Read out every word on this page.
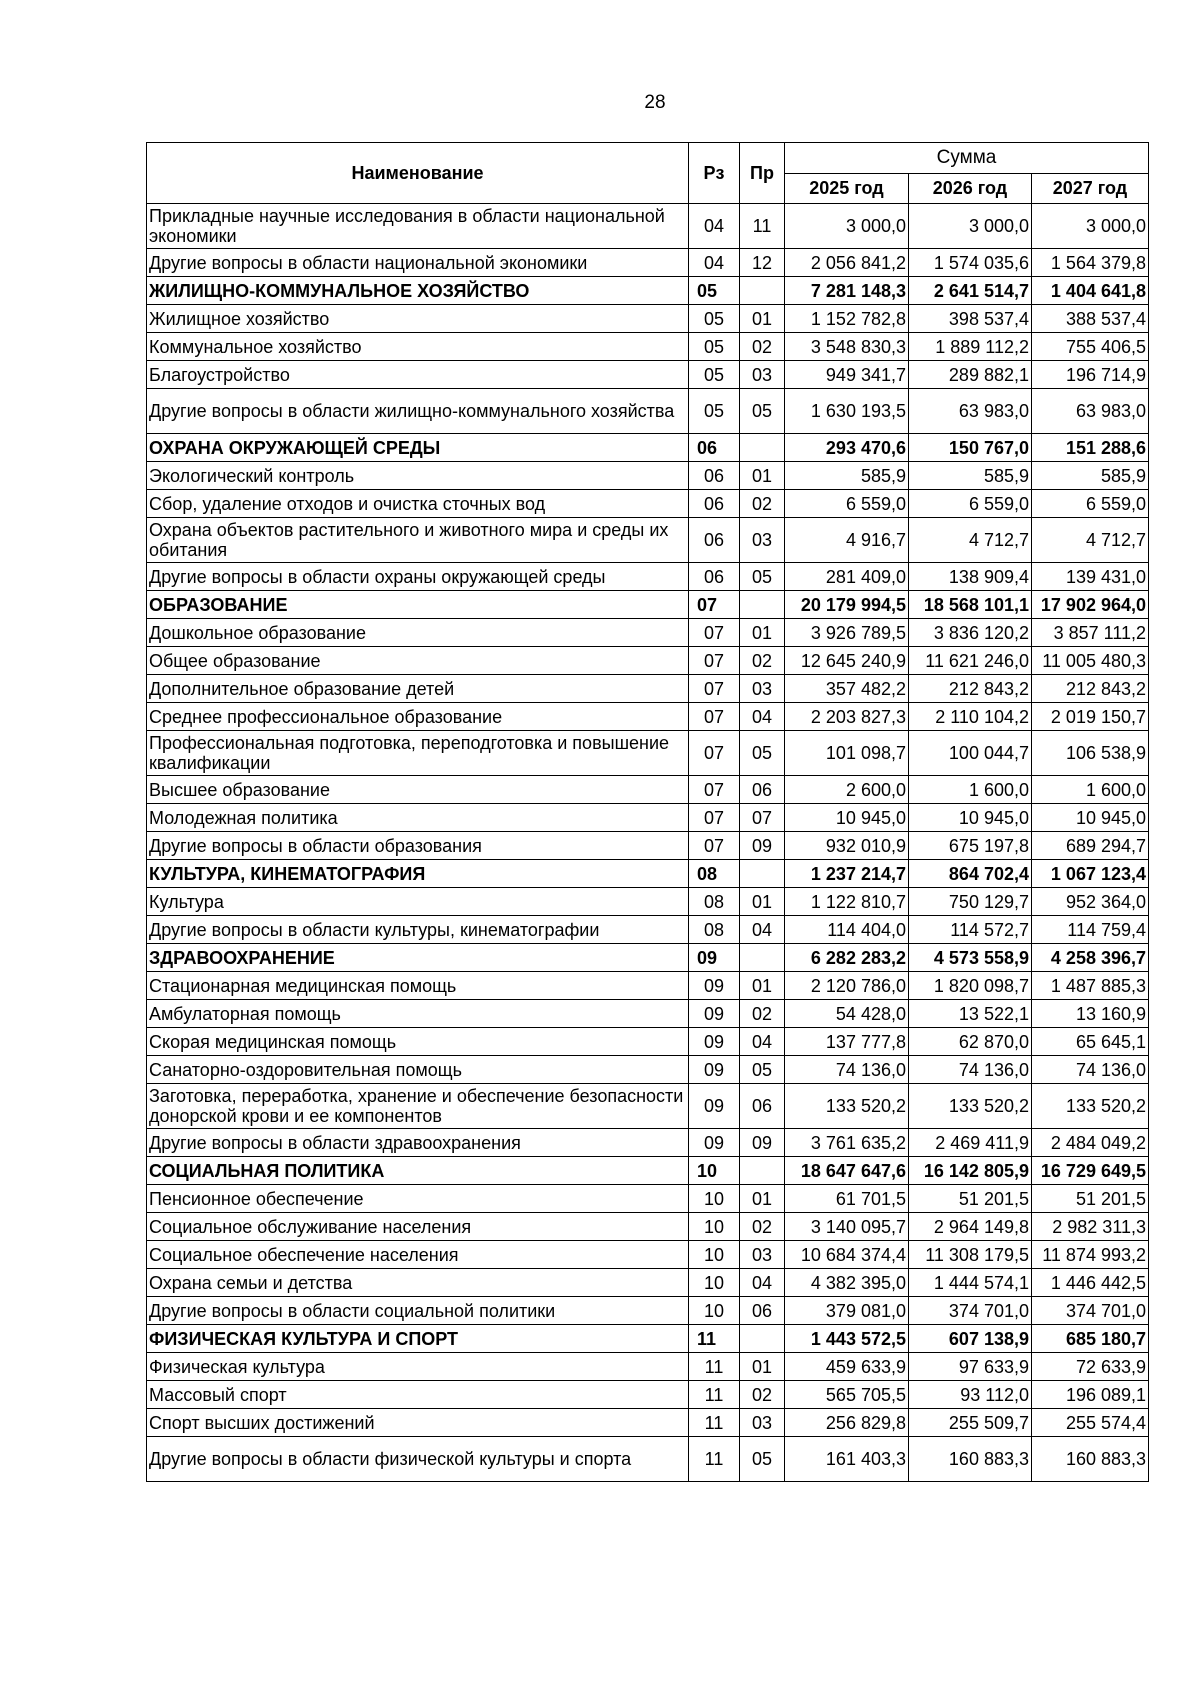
28
Наименование	Рз	Пр	Сумма		
			2025 год	2026 год	2027 год
Прикладные научные исследования в области национальной экономики	04	11	3 000,0	3 000,0	3 000,0
Другие вопросы в области национальной экономики	04	12	2 056 841,2	1 574 035,6	1 564 379,8
ЖИЛИЩНО-КОММУНАЛЬНОЕ ХОЗЯЙСТВО	05		7 281 148,3	2 641 514,7	1 404 641,8
Жилищное хозяйство	05	01	1 152 782,8	398 537,4	388 537,4
Коммунальное хозяйство	05	02	3 548 830,3	1 889 112,2	755 406,5
Благоустройство	05	03	949 341,7	289 882,1	196 714,9
Другие вопросы в области жилищно-коммунального хозяйства	05	05	1 630 193,5	63 983,0	63 983,0
ОХРАНА ОКРУЖАЮЩЕЙ СРЕДЫ	06		293 470,6	150 767,0	151 288,6
Экологический контроль	06	01	585,9	585,9	585,9
Сбор, удаление отходов и очистка сточных вод	06	02	6 559,0	6 559,0	6 559,0
Охрана объектов растительного и животного мира и среды их обитания	06	03	4 916,7	4 712,7	4 712,7
Другие вопросы в области охраны окружающей среды	06	05	281 409,0	138 909,4	139 431,0
ОБРАЗОВАНИЕ	07		20 179 994,5	18 568 101,1	17 902 964,0
Дошкольное образование	07	01	3 926 789,5	3 836 120,2	3 857 111,2
Общее образование	07	02	12 645 240,9	11 621 246,0	11 005 480,3
Дополнительное образование детей	07	03	357 482,2	212 843,2	212 843,2
Среднее профессиональное образование	07	04	2 203 827,3	2 110 104,2	2 019 150,7
Профессиональная подготовка, переподготовка и повышение квалификации	07	05	101 098,7	100 044,7	106 538,9
Высшее образование	07	06	2 600,0	1 600,0	1 600,0
Молодежная политика	07	07	10 945,0	10 945,0	10 945,0
Другие вопросы в области образования	07	09	932 010,9	675 197,8	689 294,7
КУЛЬТУРА, КИНЕМАТОГРАФИЯ	08		1 237 214,7	864 702,4	1 067 123,4
Культура	08	01	1 122 810,7	750 129,7	952 364,0
Другие вопросы в области культуры, кинематографии	08	04	114 404,0	114 572,7	114 759,4
ЗДРАВООХРАНЕНИЕ	09		6 282 283,2	4 573 558,9	4 258 396,7
Стационарная медицинская помощь	09	01	2 120 786,0	1 820 098,7	1 487 885,3
Амбулаторная помощь	09	02	54 428,0	13 522,1	13 160,9
Скорая медицинская помощь	09	04	137 777,8	62 870,0	65 645,1
Санаторно-оздоровительная помощь	09	05	74 136,0	74 136,0	74 136,0
Заготовка, переработка, хранение и обеспечение безопасности донорской крови и ее компонентов	09	06	133 520,2	133 520,2	133 520,2
Другие вопросы в области здравоохранения	09	09	3 761 635,2	2 469 411,9	2 484 049,2
СОЦИАЛЬНАЯ ПОЛИТИКА	10		18 647 647,6	16 142 805,9	16 729 649,5
Пенсионное обеспечение	10	01	61 701,5	51 201,5	51 201,5
Социальное обслуживание населения	10	02	3 140 095,7	2 964 149,8	2 982 311,3
Социальное обеспечение населения	10	03	10 684 374,4	11 308 179,5	11 874 993,2
Охрана семьи и детства	10	04	4 382 395,0	1 444 574,1	1 446 442,5
Другие вопросы в области социальной политики	10	06	379 081,0	374 701,0	374 701,0
ФИЗИЧЕСКАЯ КУЛЬТУРА И СПОРТ	11		1 443 572,5	607 138,9	685 180,7
Физическая культура	11	01	459 633,9	97 633,9	72 633,9
Массовый спорт	11	02	565 705,5	93 112,0	196 089,1
Спорт высших достижений	11	03	256 829,8	255 509,7	255 574,4
Другие вопросы в области физической культуры и спорта	11	05	161 403,3	160 883,3	160 883,3
